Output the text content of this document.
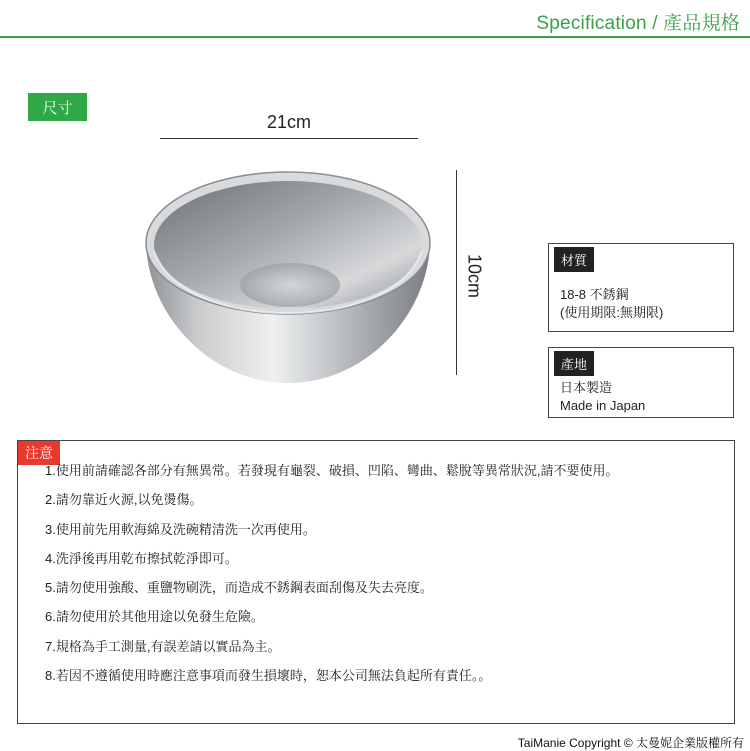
Specification / 產品規格
尺寸
21cm
10cm	材質
18-8 不銹鋼
(使用期限:無期限)
產地
日本製造
Made in Japan
注意
1.使用前請確認各部分有無異常。若發現有龜裂、破損、凹陷、彎曲、鬆脫等異常狀況,請不要使用。
2.請勿靠近火源,以免燙傷。
3.使用前先用軟海綿及洗碗精清洗一次再使用。
4.洗淨後再用乾布擦拭乾淨即可。
5.請勿使用強酸、重鹽物刷洗，而造成不銹鋼表面刮傷及失去亮度。
6.請勿使用於其他用途以免發生危險。
7.規格為手工測量,有誤差請以實品為主。
8.若因不遵循使用時應注意事項而發生損壞時，恕本公司無法負起所有責任。。
TaiManie Copyright © 太曼妮企業版權所有
